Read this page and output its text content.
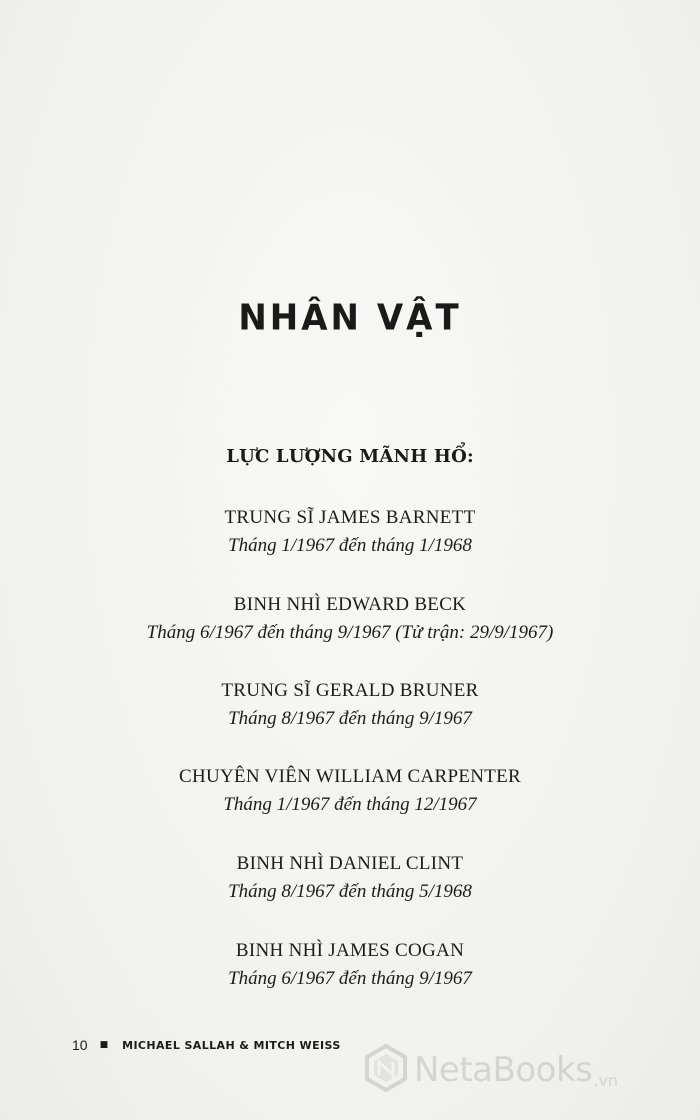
NHÂN VẬT
LỰC LƯỢNG MÃNH HỔ:
TRUNG SĨ JAMES BARNETT
Tháng 1/1967 đến tháng 1/1968
BINH NHÌ EDWARD BECK
Tháng 6/1967 đến tháng 9/1967 (Tử trận: 29/9/1967)
TRUNG SĨ GERALD BRUNER
Tháng 8/1967 đến tháng 9/1967
CHUYÊN VIÊN WILLIAM CARPENTER
Tháng 1/1967 đến tháng 12/1967
BINH NHÌ DANIEL CLINT
Tháng 8/1967 đến tháng 5/1968
BINH NHÌ JAMES COGAN
Tháng 6/1967 đến tháng 9/1967
10 ■ MICHAEL SALLAH & MITCH WEISS
NetaBooks .vn
